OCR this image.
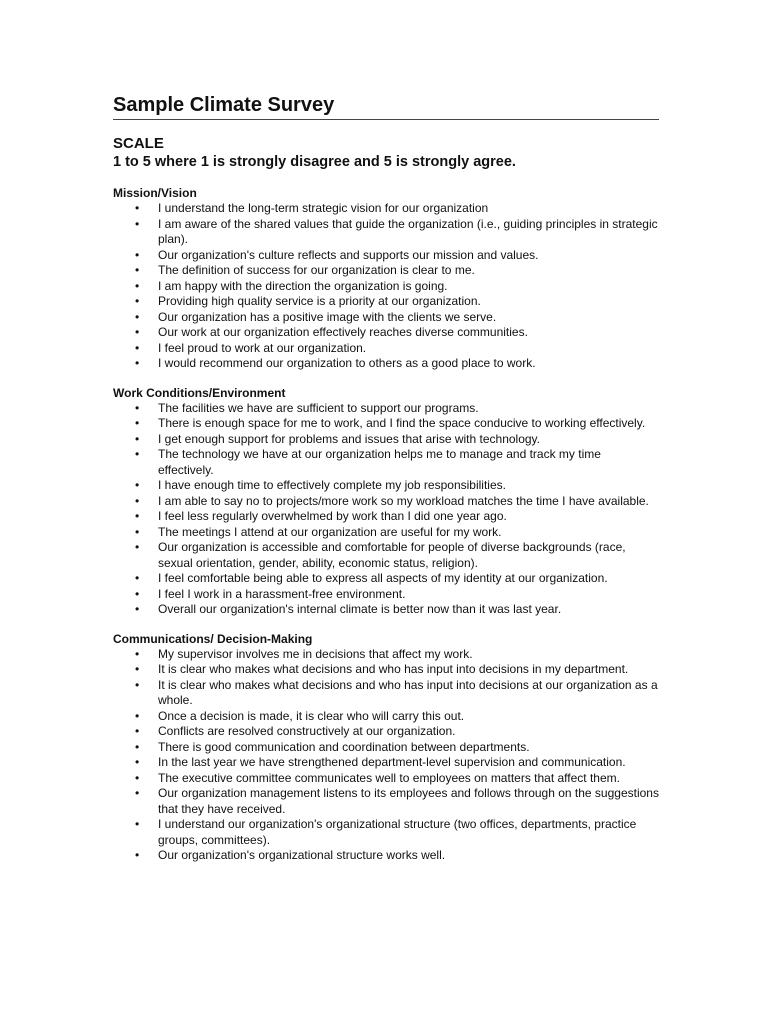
Sample Climate Survey
SCALE
1 to 5 where 1 is strongly disagree and 5 is strongly agree.
Mission/Vision
• I understand the long-term strategic vision for our organization
• I am aware of the shared values that guide the organization (i.e., guiding principles in strategic plan).
• Our organization's culture reflects and supports our mission and values.
• The definition of success for our organization is clear to me.
• I am happy with the direction the organization is going.
• Providing high quality service is a priority at our organization.
• Our organization has a positive image with the clients we serve.
• Our work at our organization effectively reaches diverse communities.
• I feel proud to work at our organization.
• I would recommend our organization to others as a good place to work.
Work Conditions/Environment
• The facilities we have are sufficient to support our programs.
• There is enough space for me to work, and I find the space conducive to working effectively.
• I get enough support for problems and issues that arise with technology.
• The technology we have at our organization helps me to manage and track my time effectively.
• I have enough time to effectively complete my job responsibilities.
• I am able to say no to projects/more work so my workload matches the time I have available.
• I feel less regularly overwhelmed by work than I did one year ago.
• The meetings I attend at our organization are useful for my work.
• Our organization is accessible and comfortable for people of diverse backgrounds (race, sexual orientation, gender, ability, economic status, religion).
• I feel comfortable being able to express all aspects of my identity at our organization.
• I feel I work in a harassment-free environment.
• Overall our organization's internal climate is better now than it was last year.
Communications/ Decision-Making
• My supervisor involves me in decisions that affect my work.
• It is clear who makes what decisions and who has input into decisions in my department.
• It is clear who makes what decisions and who has input into decisions at our organization as a whole.
• Once a decision is made, it is clear who will carry this out.
• Conflicts are resolved constructively at our organization.
• There is good communication and coordination between departments.
• In the last year we have strengthened department-level supervision and communication.
• The executive committee communicates well to employees on matters that affect them.
• Our organization management listens to its employees and follows through on the suggestions that they have received.
• I understand our organization's organizational structure (two offices, departments, practice groups, committees).
• Our organization's organizational structure works well.
